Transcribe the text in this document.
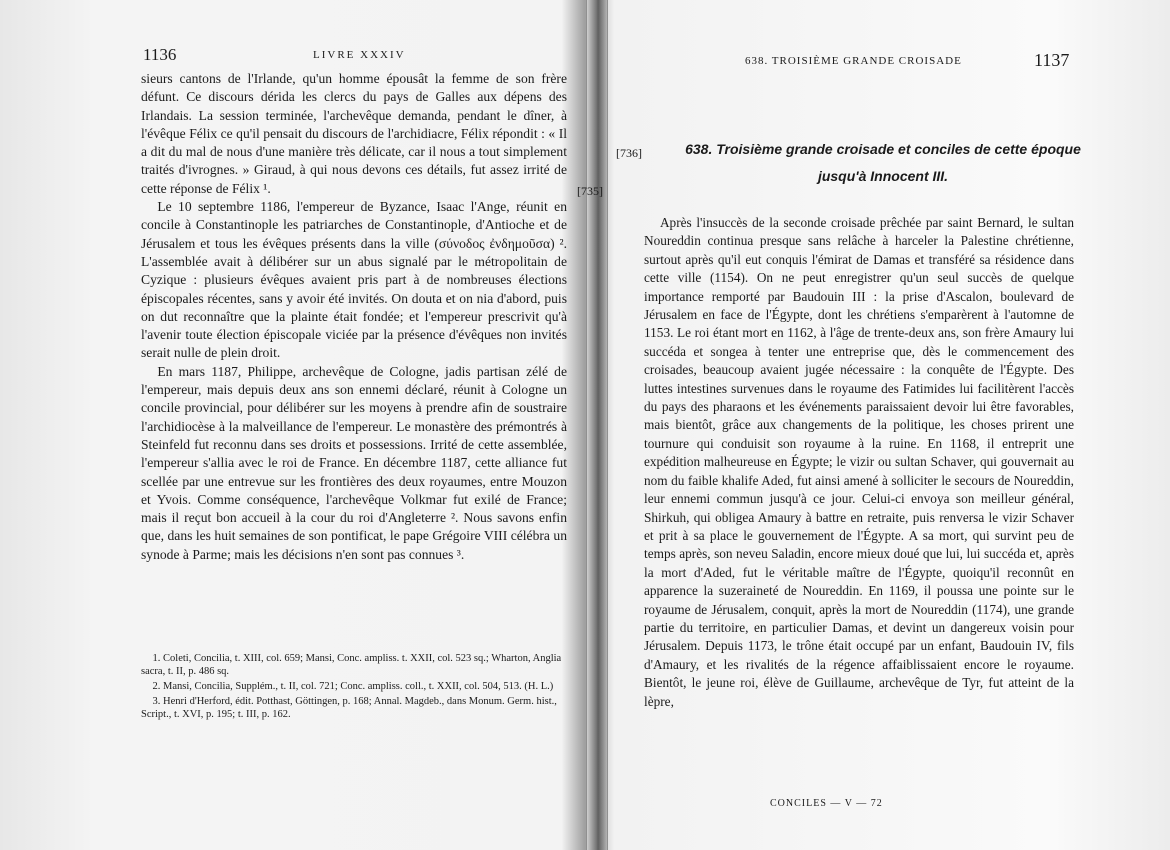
1136	LIVRE XXXIV

sieurs cantons de l'Irlande, qu'un homme épousât la femme de son frère défunt. Ce discours dérida les clercs du pays de Galles aux dépens des Irlandais. La session terminée, l'archevêque demanda, pendant le dîner, à l'évêque Félix ce qu'il pensait du discours de l'archidiacre, Félix répondit : « Il a dit du mal de nous d'une manière très délicate, car il nous a tout simplement traités d'ivrognes. » Giraud, à qui nous devons ces détails, fut assez irrité de cette réponse de Félix ¹.

Le 10 septembre 1186, l'empereur de Byzance, Isaac l'Ange, réunit en concile à Constantinople les patriarches de Constantinople, d'Antioche et de Jérusalem et tous les évêques présents dans la ville (σύνοδος ἐνδημοῦσα) ². L'assemblée avait à délibérer sur un abus signalé par le métropolitain de Cyzique : plusieurs évêques avaient pris part à de nombreuses élections épiscopales récentes, sans y avoir été invités. On douta et on nia d'abord, puis on dut reconnaître que la plainte était fondée; et l'empereur prescrivit qu'à l'avenir toute élection épiscopale viciée par la présence d'évêques non invités serait nulle de plein droit.

En mars 1187, Philippe, archevêque de Cologne, jadis partisan zélé de l'empereur, mais depuis deux ans son ennemi déclaré, réunit à Cologne un concile provincial, pour délibérer sur les moyens à prendre afin de soustraire l'archidiocèse à la malveillance de l'empereur. Le monastère des prémontrés à Steinfeld fut reconnu dans ses droits et possessions. Irrité de cette assemblée, l'empereur s'allia avec le roi de France. En décembre 1187, cette alliance fut scellée par une entrevue sur les frontières des deux royaumes, entre Mouzon et Yvois. Comme conséquence, l'archevêque Volkmar fut exilé de France; mais il reçut bon accueil à la cour du roi d'Angleterre ². Nous savons enfin que, dans les huit semaines de son pontificat, le pape Grégoire VIII célébra un synode à Parme; mais les décisions n'en sont pas connues ³.

[735]

1. Coleti, Concilia, t. XIII, col. 659; Mansi, Conc. ampliss. t. XXII, col. 523 sq.; Wharton, Anglia sacra, t. II, p. 486 sq.

2. Mansi, Concilia, Supplém., t. II, col. 721; Conc. ampliss. coll., t. XXII, col. 504, 513. (H. L.)

3. Henri d'Herford, édit. Potthast, Göttingen, p. 168; Annal. Magdeb., dans Monum. Germ. hist., Script., t. XVI, p. 195; t. III, p. 162.

638. TROISIÈME GRANDE CROISADE	1137
[736]	638. Troisième grande croisade et conciles de cette époque
jusqu'à Innocent III.

Après l'insuccès de la seconde croisade prêchée par saint Bernard, le sultan Noureddin continua presque sans relâche à harceler la Palestine chrétienne, surtout après qu'il eut conquis l'émirat de Damas et transféré sa résidence dans cette ville (1154). On ne peut enregistrer qu'un seul succès de quelque importance remporté par Baudouin III : la prise d'Ascalon, boulevard de Jérusalem en face de l'Égypte, dont les chrétiens s'emparèrent à l'automne de 1153. Le roi étant mort en 1162, à l'âge de trente-deux ans, son frère Amaury lui succéda et songea à tenter une entreprise que, dès le commencement des croisades, beaucoup avaient jugée nécessaire : la conquête de l'Égypte. Des luttes intestines survenues dans le royaume des Fatimides lui facilitèrent l'accès du pays des pharaons et les événements paraissaient devoir lui être favorables, mais bientôt, grâce aux changements de la politique, les choses prirent une tournure qui conduisit son royaume à la ruine. En 1168, il entreprit une expédition malheureuse en Égypte; le vizir ou sultan Schaver, qui gouvernait au nom du faible khalife Aded, fut ainsi amené à solliciter le secours de Noureddin, leur ennemi commun jusqu'à ce jour. Celui-ci envoya son meilleur général, Shirkuh, qui obligea Amaury à battre en retraite, puis renversa le vizir Schaver et prit à sa place le gouvernement de l'Égypte. A sa mort, qui survint peu de temps après, son neveu Saladin, encore mieux doué que lui, lui succéda et, après la mort d'Aded, fut le véritable maître de l'Égypte, quoiqu'il reconnût en apparence la suzeraineté de Noureddin. En 1169, il poussa une pointe sur le royaume de Jérusalem, conquit, après la mort de Noureddin (1174), une grande partie du territoire, en particulier Damas, et devint un dangereux voisin pour Jérusalem. Depuis 1173, le trône était occupé par un enfant, Baudouin IV, fils d'Amaury, et les rivalités de la régence affaiblissaient encore le royaume. Bientôt, le jeune roi, élève de Guillaume, archevêque de Tyr, fut atteint de la lèpre,

CONCILES — V — 72
